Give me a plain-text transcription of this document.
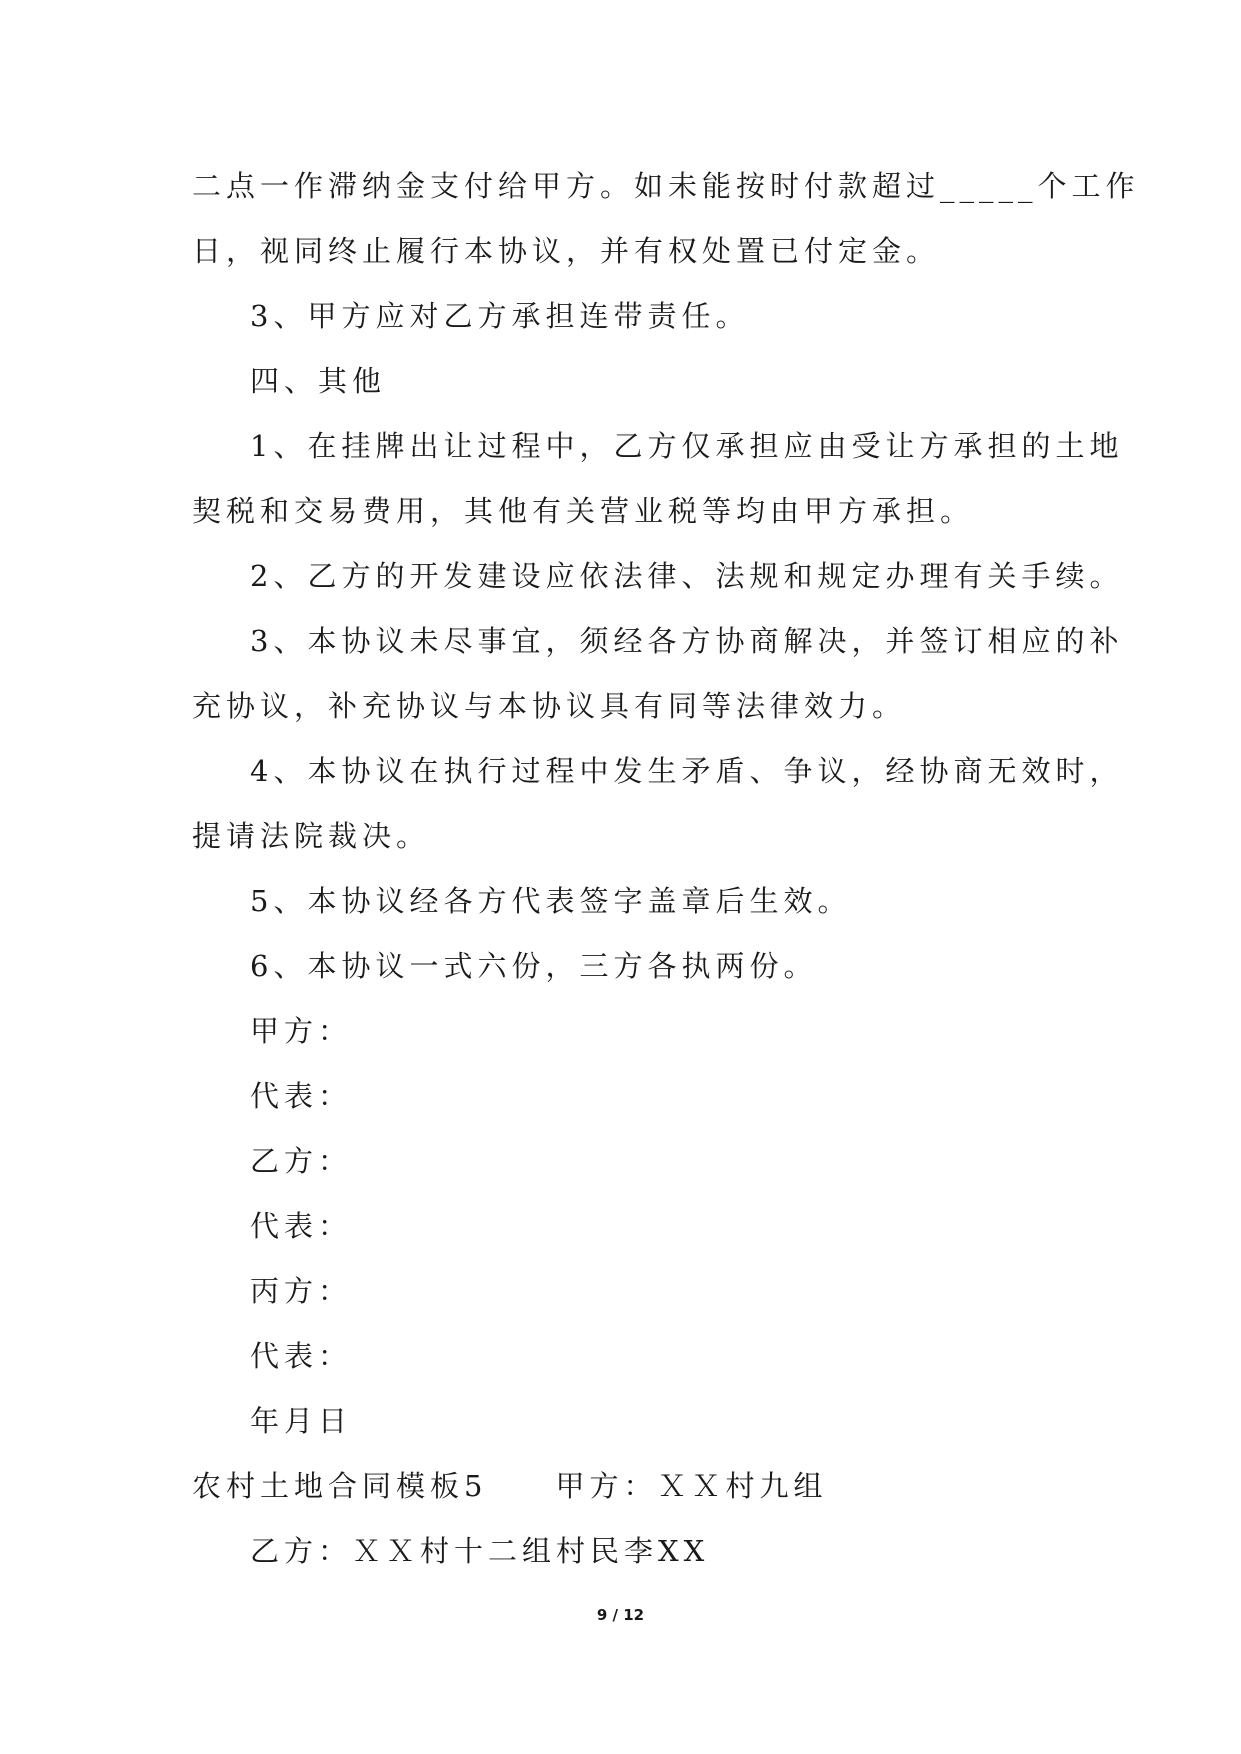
二点一作滞纳金支付给甲方。如未能按时付款超过_____个工作
日，视同终止履行本协议，并有权处置已付定金。
3、甲方应对乙方承担连带责任。
四、其他
1、在挂牌出让过程中，乙方仅承担应由受让方承担的土地
契税和交易费用，其他有关营业税等均由甲方承担。
2、乙方的开发建设应依法律、法规和规定办理有关手续。
3、本协议未尽事宜，须经各方协商解决，并签订相应的补
充协议，补充协议与本协议具有同等法律效力。
4、本协议在执行过程中发生矛盾、争议，经协商无效时，
提请法院裁决。
5、本协议经各方代表签字盖章后生效。
6、本协议一式六份，三方各执两份。
甲方：
代表：
乙方：
代表：
丙方：
代表：
年月日
农村土地合同模板5　　甲方：ＸＸ村九组
乙方：ＸＸ村十二组村民李XX
9 / 12
